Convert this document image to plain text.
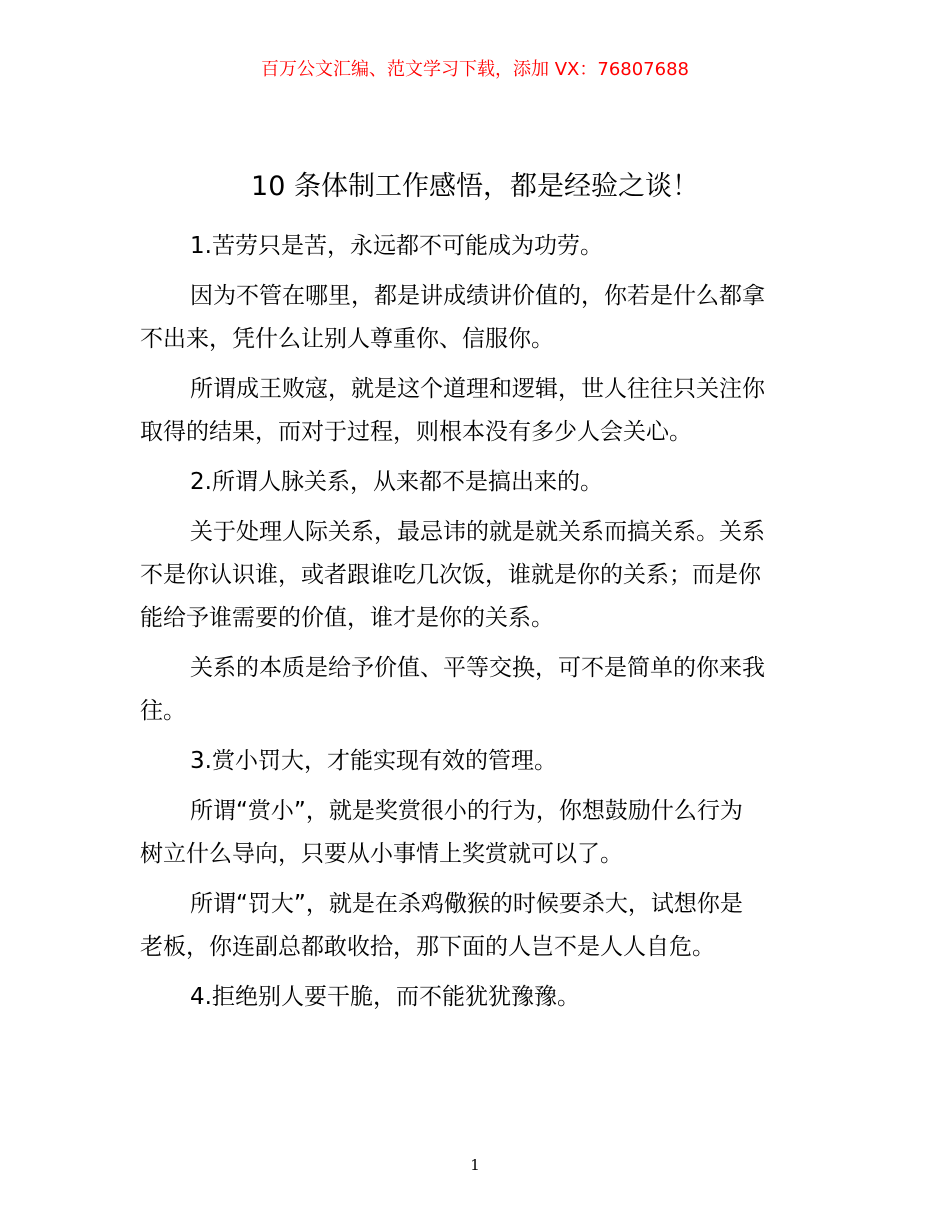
百万公文汇编、范文学习下载，添加 VX：76807688
10 条体制工作感悟，都是经验之谈！

1.苦劳只是苦，永远都不可能成为功劳。

因为不管在哪里，都是讲成绩讲价值的，你若是什么都拿
不出来，凭什么让别人尊重你、信服你。

所谓成王败寇，就是这个道理和逻辑，世人往往只关注你
取得的结果，而对于过程，则根本没有多少人会关心。

2.所谓人脉关系，从来都不是搞出来的。

关于处理人际关系，最忌讳的就是就关系而搞关系。关系
不是你认识谁，或者跟谁吃几次饭，谁就是你的关系；而是你
能给予谁需要的价值，谁才是你的关系。

关系的本质是给予价值、平等交换，可不是简单的你来我
往。

3.赏小罚大，才能实现有效的管理。

所谓“赏小”，就是奖赏很小的行为，你想鼓励什么行为
树立什么导向，只要从小事情上奖赏就可以了。

所谓“罚大”，就是在杀鸡儆猴的时候要杀大，试想你是
老板，你连副总都敢收拾，那下面的人岂不是人人自危。

4.拒绝别人要干脆，而不能犹犹豫豫。

1
